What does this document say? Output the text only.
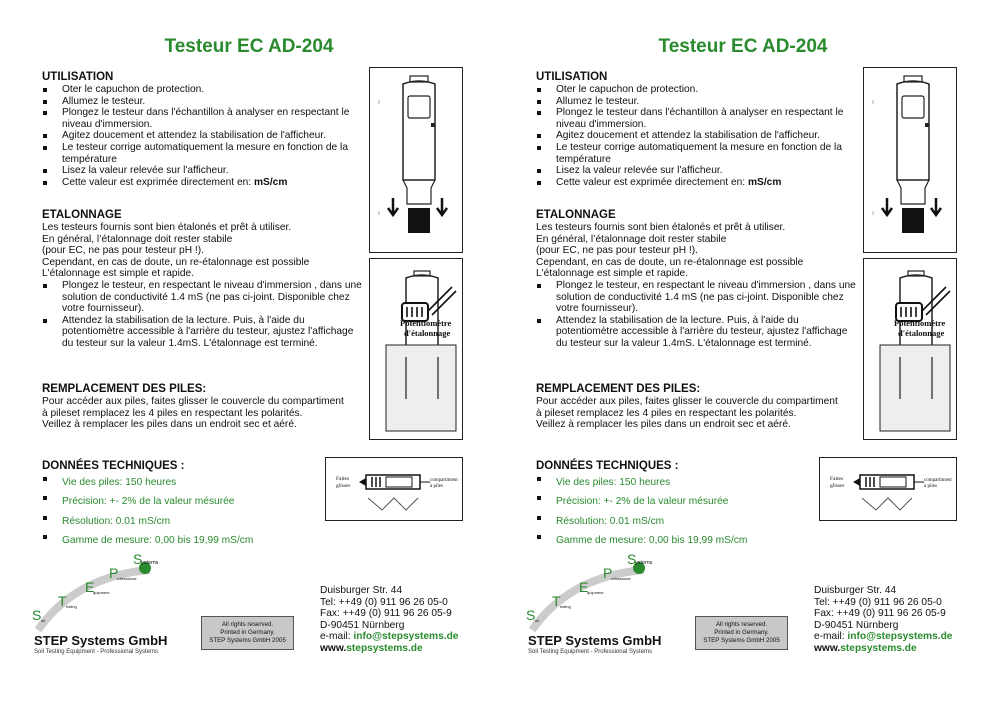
Testeur EC AD-204

UTILISATION

Oter le capuchon de protection.
Allumez le testeur.
Plongez le testeur dans l'échantillon à analyser en respectant le niveau d'immersion.
Agitez doucement et attendez la stabilisation de l'afficheur.
Le testeur corrige automatiquement la mesure en fonction de la température
Lisez la valeur relevée sur l'afficheur.
Cette valeur est exprimée directement en: mS/cm

ETALONNAGE

Les testeurs fournis sont bien étalonés et prêt à utiliser.

En général, l’étalonnage doit rester stabile

(pour EC, ne pas pour testeur pH !).

Cependant, en cas de doute, un re-étalonnage est possible

L'étalonnage est simple et rapide.

Plongez le testeur, en respectant le niveau d'immersion , dans une solution de conductivité 1.4 mS (ne pas ci-joint. Disponible chez votre fournisseur).
Attendez la stabilisation de la lecture. Puis, à l'aide du potentiomètre accessible à l'arrière du testeur, ajustez l'affichage du testeur sur la valeur 1.4mS. L'étalonnage est terminé.

REMPLACEMENT DES PILES:

Pour accéder aux piles, faites glisser le couvercle du compartiment

à pileset remplacez les 4 piles en respectant les polarités.

Veillez à remplacer les piles dans un endroit sec et aéré.

DONNÉES TECHNIQUES :

Vie des piles: 150 heures
Précision: +- 2% de la valeur mésurée
Résolution: 0.01 mS/cm
Gamme de mesure: 0,00 bis 19,99 mS/cm
Potentiomètre
d'étalonnage
Faites
glisser
compartiment
à piles
S oil
T esting
E
quipment
P
rofessional
S
ystems
STEP Systems GmbH
Soil Testing Equipment - Professional Systems
All rights reserved.
Printed in Germany.
STEP Systems GmbH 2005
Duisburger Str. 44
Tel: ++49 (0) 911 96 26 05-0
Fax: ++49 (0) 911 96 26 05-9
D-90451 Nürnberg
e-mail: info@stepsystems.de
www.stepsystems.de
Testeur EC AD-204

UTILISATION

Oter le capuchon de protection.
Allumez le testeur.
Plongez le testeur dans l'échantillon à analyser en respectant le niveau d'immersion.
Agitez doucement et attendez la stabilisation de l'afficheur.
Le testeur corrige automatiquement la mesure en fonction de la température
Lisez la valeur relevée sur l'afficheur.
Cette valeur est exprimée directement en: mS/cm

ETALONNAGE

Les testeurs fournis sont bien étalonés et prêt à utiliser.

En général, l’étalonnage doit rester stabile

(pour EC, ne pas pour testeur pH !).

Cependant, en cas de doute, un re-étalonnage est possible

L'étalonnage est simple et rapide.

Plongez le testeur, en respectant le niveau d'immersion , dans une solution de conductivité 1.4 mS (ne pas ci-joint. Disponible chez votre fournisseur).
Attendez la stabilisation de la lecture. Puis, à l'aide du potentiomètre accessible à l'arrière du testeur, ajustez l'affichage du testeur sur la valeur 1.4mS. L'étalonnage est terminé.

REMPLACEMENT DES PILES:

Pour accéder aux piles, faites glisser le couvercle du compartiment

à pileset remplacez les 4 piles en respectant les polarités.

Veillez à remplacer les piles dans un endroit sec et aéré.

DONNÉES TECHNIQUES :

Vie des piles: 150 heures
Précision: +- 2% de la valeur mésurée
Résolution: 0.01 mS/cm
Gamme de mesure: 0,00 bis 19,99 mS/cm
Potentiomètre
d'étalonnage
Faites
glisser
compartiment
à piles
S oil
T esting
E
quipment
P
rofessional
S
ystems
STEP Systems GmbH
Soil Testing Equipment - Professional Systems
All rights reserved.
Printed in Germany.
STEP Systems GmbH 2005
Duisburger Str. 44
Tel: ++49 (0) 911 96 26 05-0
Fax: ++49 (0) 911 96 26 05-9
D-90451 Nürnberg
e-mail: info@stepsystems.de
www.stepsystems.de
